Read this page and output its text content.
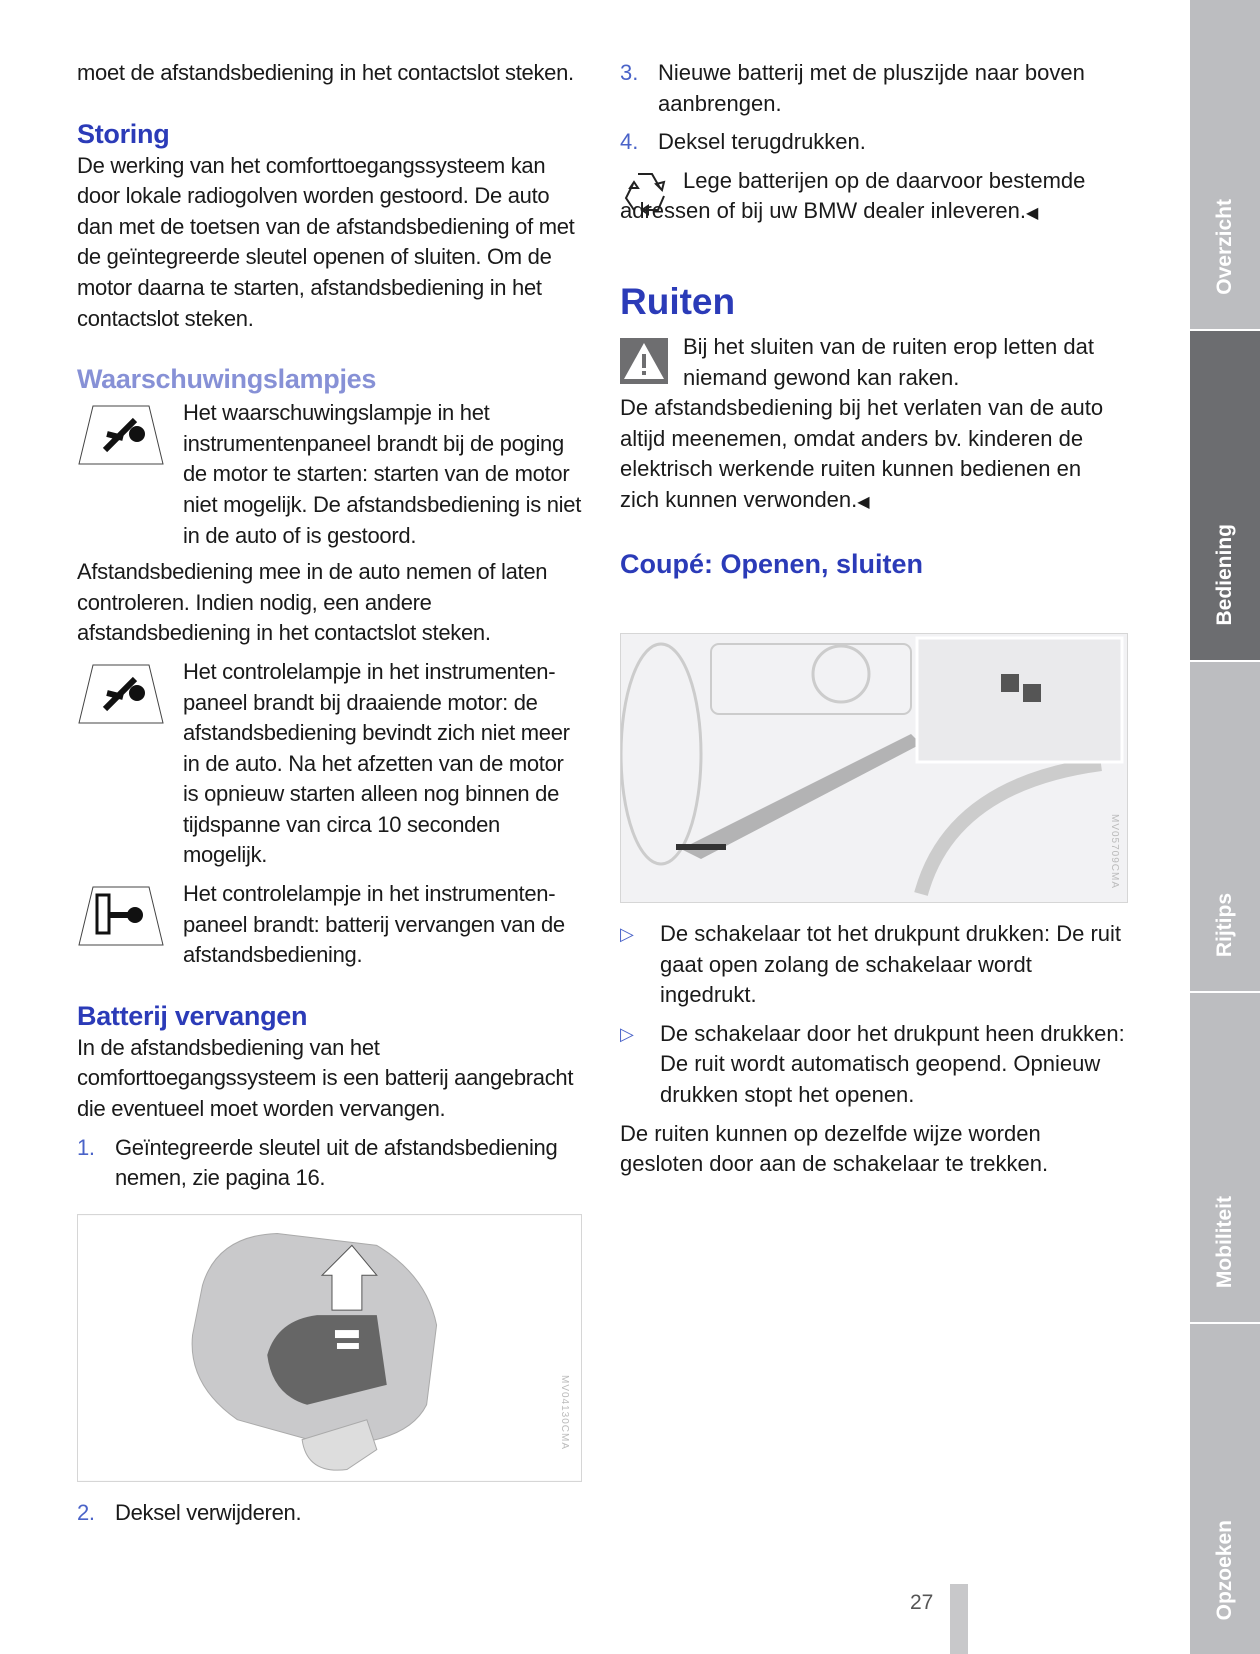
moet de afstandsbediening in het contactslot steken.

Storing

De werking van het comforttoegangssysteem kan door lokale radiogolven worden gestoord. De auto dan met de toetsen van de afstandsbediening of met de geïntegreerde sleutel openen of sluiten. Om de motor daarna te starten, afstandsbediening in het contactslot steken.

Waarschuwingslampjes

Het waarschuwingslampje in het instrumentenpaneel brandt bij de poging de motor te starten: starten van de motor niet mogelijk. De afstandsbediening is niet in de auto of is gestoord.

Afstandsbediening mee in de auto nemen of laten controleren. Indien nodig, een andere afstandsbediening in het contactslot steken.

Het controlelampje in het instrumenten-paneel brandt bij draaiende motor: de afstandsbediening bevindt zich niet meer in de auto. Na het afzetten van de motor is opnieuw starten alleen nog binnen de tijdspanne van circa 10 seconden mogelijk.

Het controlelampje in het instrumenten-paneel brandt: batterij vervangen van de afstandsbediening.

Batterij vervangen

In de afstandsbediening van het comforttoegangssysteem is een batterij aangebracht die eventueel moet worden vervangen.

1. Geïntegreerde sleutel uit de afstandsbediening nemen, zie pagina 16.
MV04130CMA
2. Deksel verwijderen.
3. Nieuwe batterij met de pluszijde naar boven aanbrengen.
4. Deksel terugdrukken.

Lege batterijen op de daarvoor bestemde adressen of bij uw BMW dealer inleveren.◀

Ruiten

Bij het sluiten van de ruiten erop letten dat niemand gewond kan raken.

De afstandsbediening bij het verlaten van de auto altijd meenemen, omdat anders bv. kinderen de elektrisch werkende ruiten kunnen bedienen en zich kunnen verwonden.◀

Coupé: Openen, sluiten
MV05709CMA
▷	De schakelaar tot het drukpunt drukken: De ruit gaat open zolang de schakelaar wordt ingedrukt.
▷	De schakelaar door het drukpunt heen drukken:
De ruit wordt automatisch geopend. Opnieuw drukken stopt het openen.

De ruiten kunnen op dezelfde wijze worden gesloten door aan de schakelaar te trekken.

27
Overzicht
Bediening
Rijtips
Mobiliteit
Opzoeken
